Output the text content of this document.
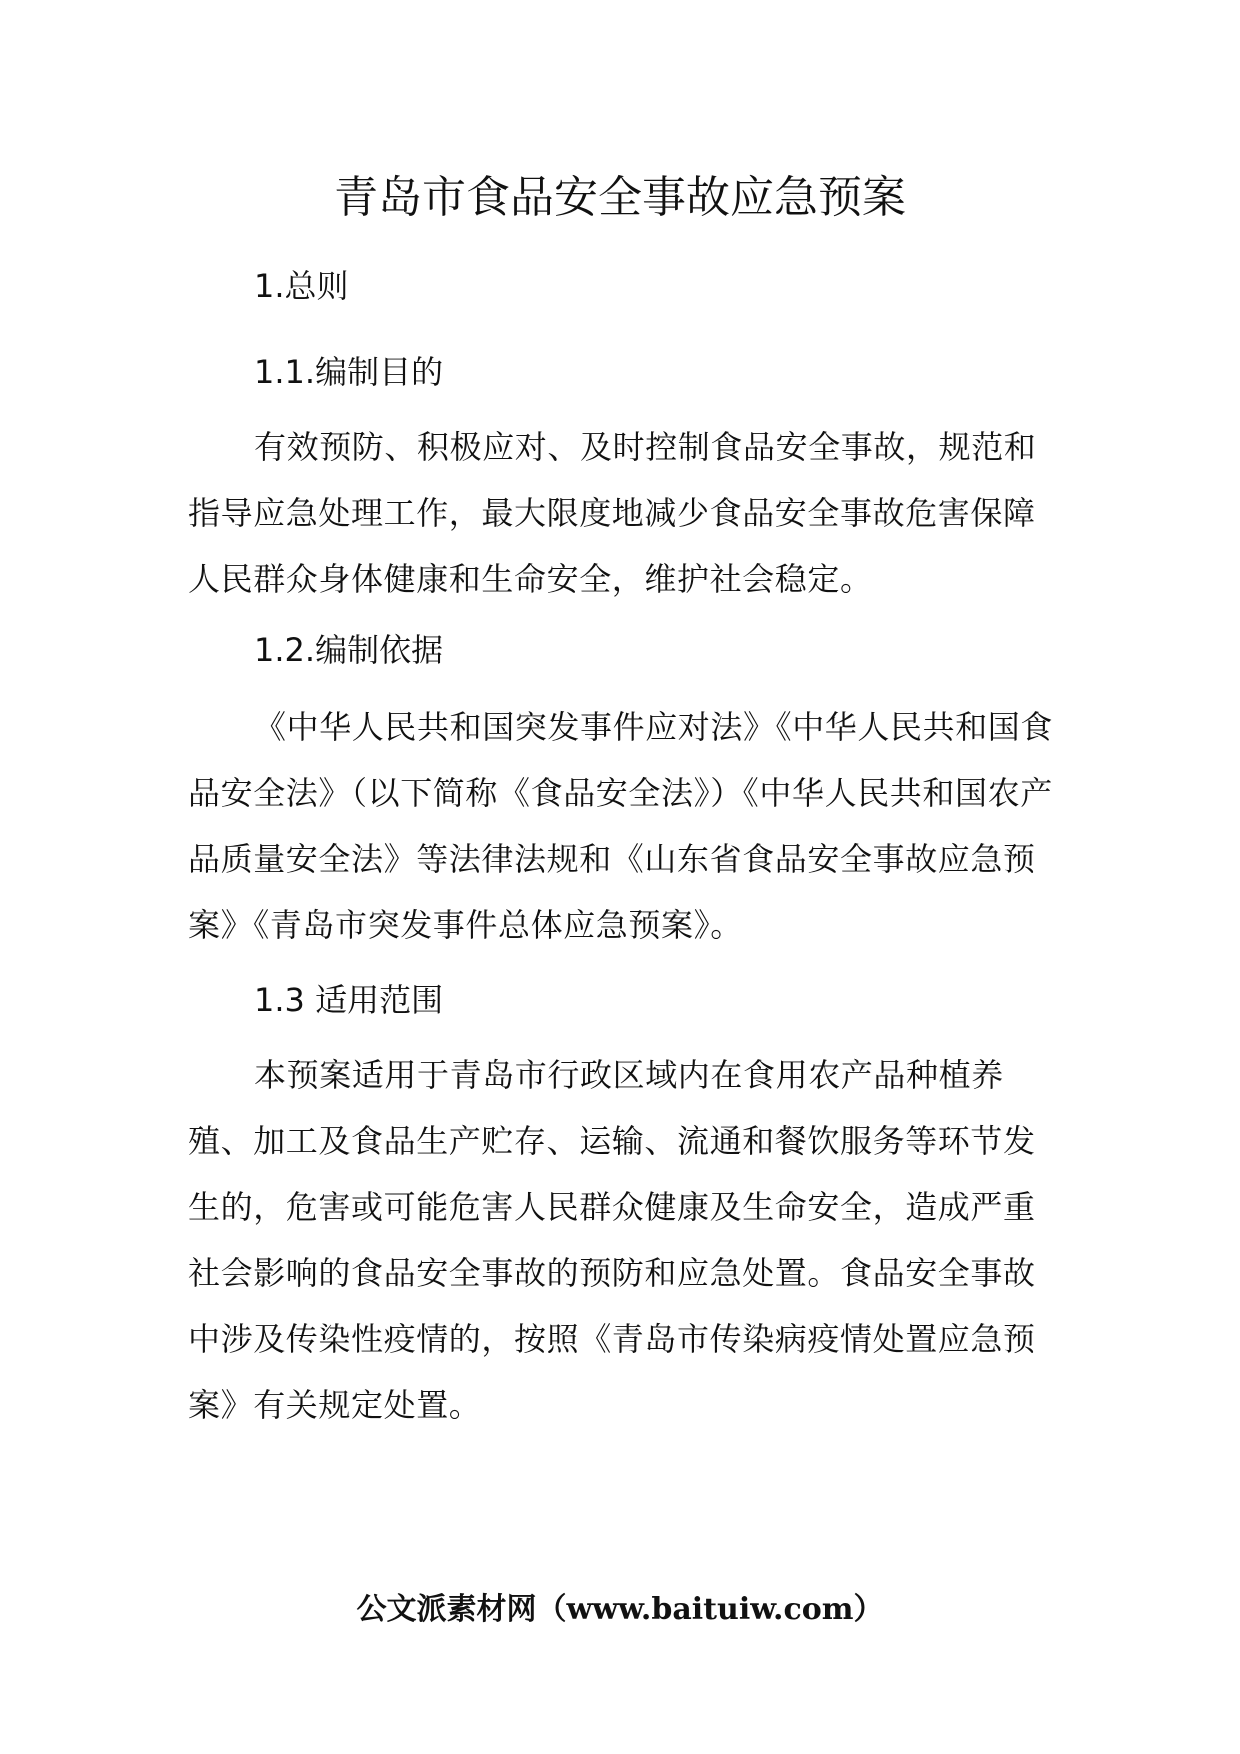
青岛市食品安全事故应急预案

1.总则

1.1.编制目的

有效预防、积极应对、及时控制食品安全事故，规范和指导应急处理工作，最大限度地减少食品安全事故危害保障人民群众身体健康和生命安全，维护社会稳定。

1.2.编制依据

《中华人民共和国突发事件应对法》《中华人民共和国食品安全法》（以下简称《食品安全法》）《中华人民共和国农产品质量安全法》等法律法规和《山东省食品安全事故应急预案》《青岛市突发事件总体应急预案》。

1.3 适用范围

本预案适用于青岛市行政区域内在食用农产品种植养殖、加工及食品生产贮存、运输、流通和餐饮服务等环节发生的，危害或可能危害人民群众健康及生命安全，造成严重社会影响的食品安全事故的预防和应急处置。食品安全事故中涉及传染性疫情的，按照《青岛市传染病疫情处置应急预案》有关规定处置。

公文派素材网（www.baituiw.com）
